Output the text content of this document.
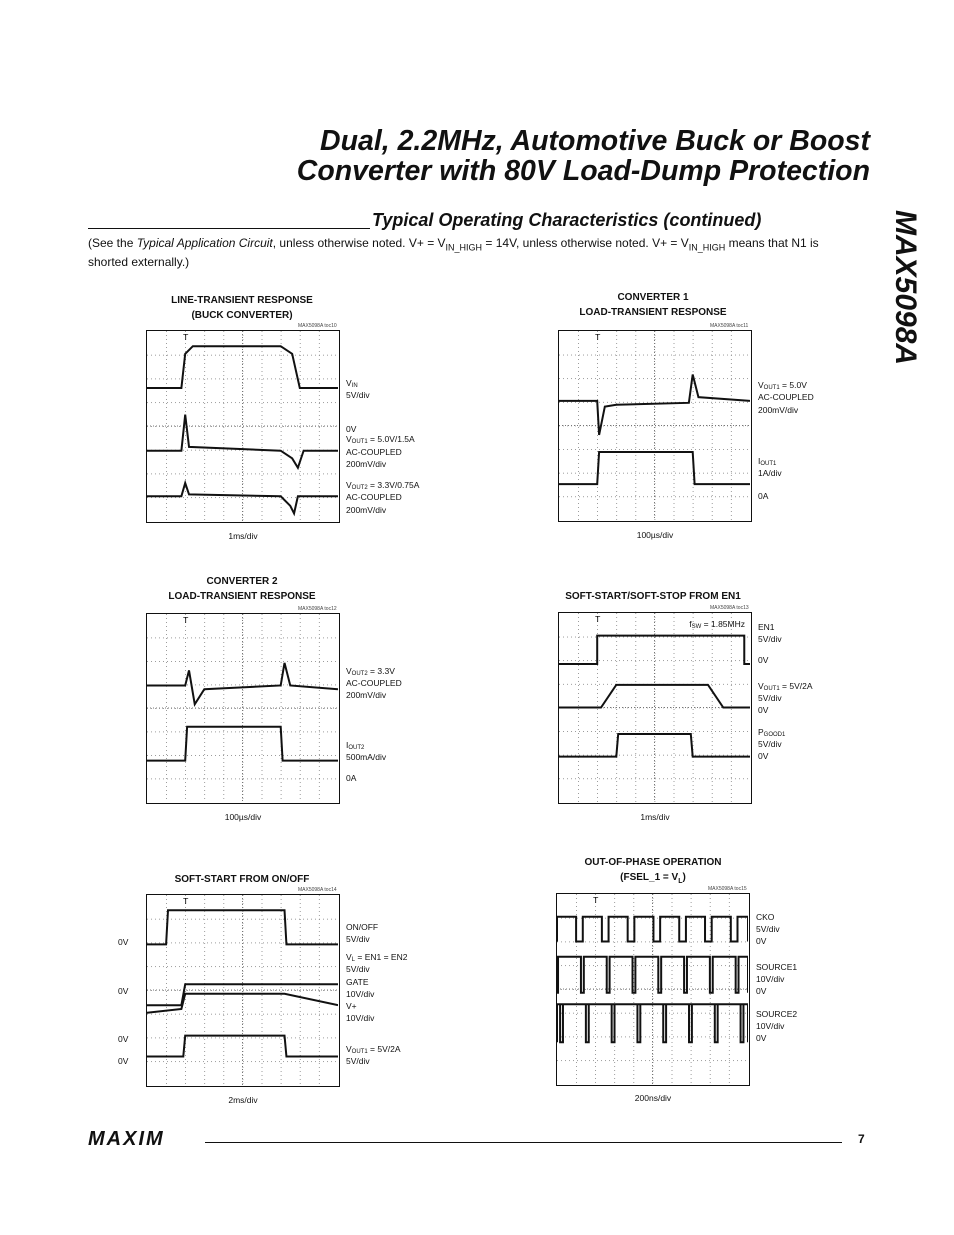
Dual, 2.2MHz, Automotive Buck or Boost
Converter with 80V Load-Dump Protection
MAX5098A
Typical Operating Characteristics (continued)
(See the Typical Application Circuit, unless otherwise noted. $V+ = V_{IN\_HIGH} = 14V$, unless otherwise noted. $V+ = V_{IN\_HIGH}$ means that N1 is shorted externally.)
LINE-TRANSIENT RESPONSE
(BUCK CONVERTER)
MAX5098A toc10
T
1ms/div
$V_{IN}$
5V/div
0V
$V_{OUT1} = 5.0V/1.5A$
AC-COUPLED
200mV/div
$V_{OUT2} = 3.3V/0.75A$
AC-COUPLED
200mV/div
CONVERTER 1
LOAD-TRANSIENT RESPONSE
MAX5098A toc11
T
100µs/div
$V_{OUT1} = 5.0V$
AC-COUPLED
200mV/div
$I_{OUT1}$
1A/div
0A
CONVERTER 2
LOAD-TRANSIENT RESPONSE
MAX5098A toc12
T
100µs/div
$V_{OUT2} = 3.3V$
AC-COUPLED
200mV/div
$I_{OUT2}$
500mA/div
0A
SOFT-START/SOFT-STOP FROM EN1
MAX5098A toc13
T	$f_{SW} = 1.85MHz$
1ms/div
EN1
5V/div
0V
$V_{OUT1} = 5V/2A$
5V/div
0V
$P_{GOOD1}$
5V/div
0V
SOFT-START FROM ON/OFF
MAX5098A toc14
T
2ms/div
ON/OFF
5V/div
$V_L = EN1 = EN2$
5V/div
GATE
10V/div
V+
10V/div
$V_{OUT1} = 5V/2A$
5V/div
0V
0V
0V
0V
OUT-OF-PHASE OPERATION
(FSEL_1 = $V_L$)
MAX5098A toc15
T
200ns/div
CKO
5V/div
0V
SOURCE1
10V/div
0V
SOURCE2
10V/div
0V
MAXIM	7
